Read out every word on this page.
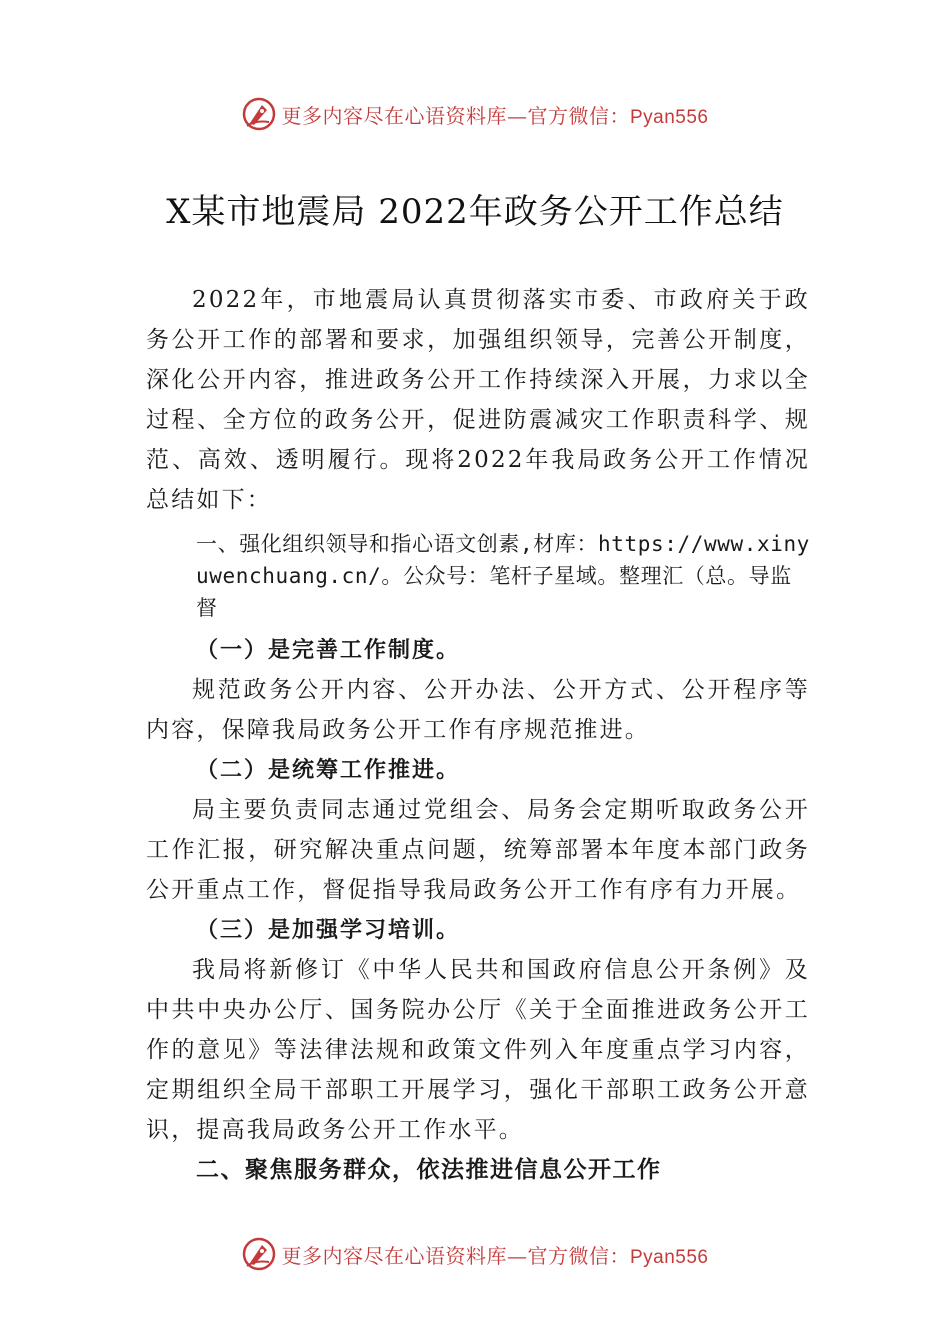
更多内容尽在心语资料库—官方微信：Pyan556
X某市地震局 2022年政务公开工作总结

2022年，市地震局认真贯彻落实市委、市政府关于政务公开工作的部署和要求，加强组织领导，完善公开制度，深化公开内容，推进政务公开工作持续深入开展，力求以全过程、全方位的政务公开，促进防震减灾工作职责科学、规范、高效、透明履行。现将2022年我局政务公开工作情况总结如下：

一、强化组织领导和指心语文创素,材库：https://www.xinyuwenchuang.cn/。公众号：笔杆子星域。整理汇（总。导监督

（一）是完善工作制度。

规范政务公开内容、公开办法、公开方式、公开程序等内容，保障我局政务公开工作有序规范推进。

（二）是统筹工作推进。

局主要负责同志通过党组会、局务会定期听取政务公开工作汇报，研究解决重点问题，统筹部署本年度本部门政务公开重点工作，督促指导我局政务公开工作有序有力开展。

（三）是加强学习培训。

我局将新修订《中华人民共和国政府信息公开条例》及中共中央办公厅、国务院办公厅《关于全面推进政务公开工作的意见》等法律法规和政策文件列入年度重点学习内容， 定期组织全局干部职工开展学习，强化干部职工政务公开意识，提高我局政务公开工作水平。

二、聚焦服务群众，依法推进信息公开工作

更多内容尽在心语资料库—官方微信：Pyan556
